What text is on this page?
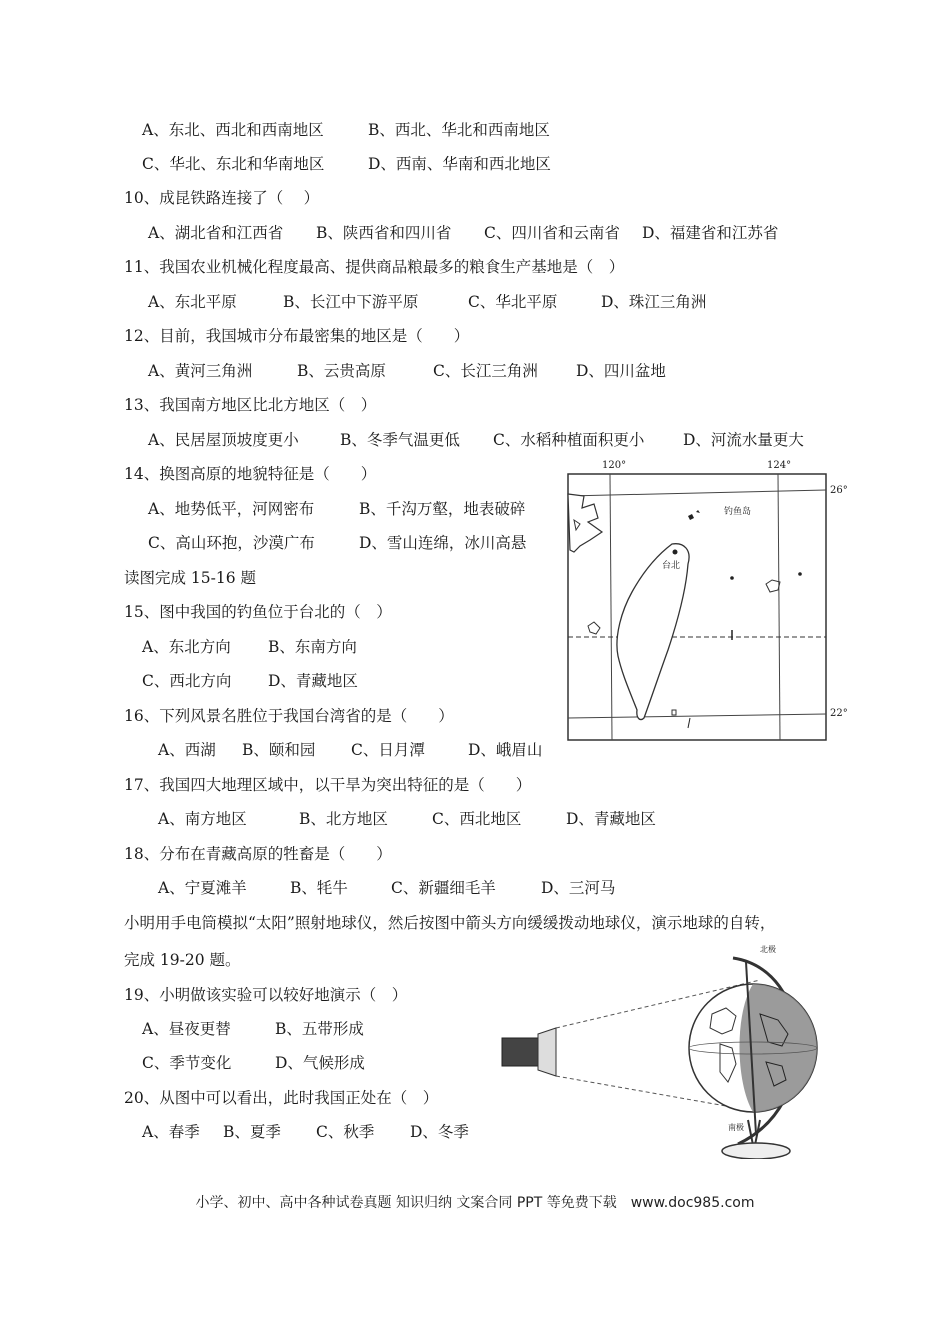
A、东北、西北和西南地区	B、西北、华北和西南地区
C、华北、东北和华南地区	D、西南、华南和西北地区
10、成昆铁路连接了（　 ）
A、湖北省和江西省 B、陕西省和四川省 C、四川省和云南省 D、福建省和江苏省
11、我国农业机械化程度最高、提供商品粮最多的粮食生产基地是（　）
A、东北平原	B、长江中下游平原	C、华北平原	D、珠江三角洲
12、目前，我国城市分布最密集的地区是（　　）
A、黄河三角洲	B、云贵高原	C、长江三角洲 D、四川盆地
13、我国南方地区比北方地区（　）
A、民居屋顶坡度更小	B、冬季气温更低 C、水稻种植面积更小 D、河流水量更大
14、换图高原的地貌特征是（　　）
A、地势低平，河网密布	B、千沟万壑，地表破碎
C、高山环抱，沙漠广布	D、雪山连绵，冰川高悬
读图完成 15-16 题
15、图中我国的钓鱼位于台北的（　）
A、东北方向 B、东南方向
C、西北方向 D、青藏地区
16、下列风景名胜位于我国台湾省的是（　　）
A、西湖 B、颐和园 C、日月潭	D、峨眉山
17、我国四大地理区域中，以干旱为突出特征的是（　　）
A、南方地区	B、北方地区	C、西北地区	D、青藏地区
18、分布在青藏高原的牲畜是（　　）
A、宁夏滩羊	B、牦牛	C、新疆细毛羊	D、三河马
小明用手电筒模拟“太阳”照射地球仪，然后按图中箭头方向缓缓拨动地球仪，演示地球的自转，
完成 19-20 题。
19、小明做该实验可以较好地演示（　）
A、昼夜更替	B、五带形成
C、季节变化	D、气候形成
20、从图中可以看出，此时我国正处在（　）
A、春季 B、夏季 C、秋季 D、冬季
120°	124°
26°
22°
台北
钓鱼岛
北极
南极
小学、初中、高中各种试卷真题 知识归纳 文案合同 PPT 等免费下载　www.doc985.com
